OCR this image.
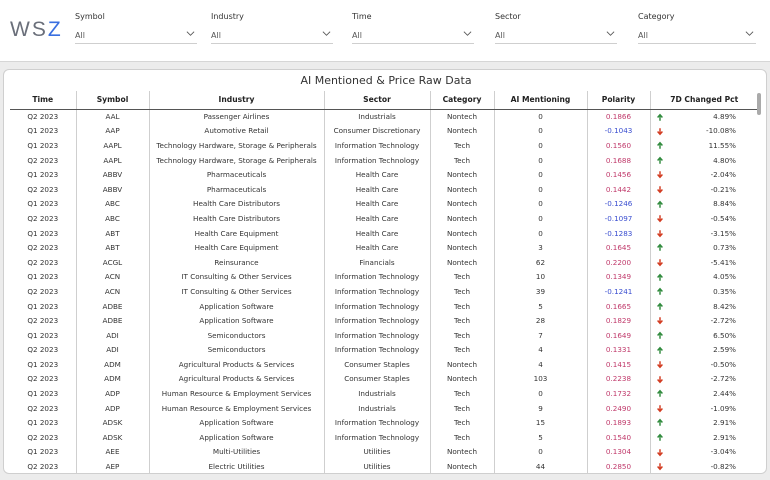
WSZ
Symbol
All
Industry
All
Time
All
Sector
All
Category
All
AI Mentioned & Price Raw Data
Time	Symbol	Industry	Sector	Category	AI Mentioning	Polarity	7D Changed Pct
Q2 2023	AAL	Passenger Airlines	Industrials	Nontech	0	0.1866	4.89%
Q1 2023	AAP	Automotive Retail	Consumer Discretionary	Nontech	0	-0.1043	-10.08%
Q1 2023	AAPL	Technology Hardware, Storage & Peripherals	Information Technology	Tech	0	0.1560	11.55%
Q2 2023	AAPL	Technology Hardware, Storage & Peripherals	Information Technology	Tech	0	0.1688	4.80%
Q1 2023	ABBV	Pharmaceuticals	Health Care	Nontech	0	0.1456	-2.04%
Q2 2023	ABBV	Pharmaceuticals	Health Care	Nontech	0	0.1442	-0.21%
Q1 2023	ABC	Health Care Distributors	Health Care	Nontech	0	-0.1246	8.84%
Q2 2023	ABC	Health Care Distributors	Health Care	Nontech	0	-0.1097	-0.54%
Q1 2023	ABT	Health Care Equipment	Health Care	Nontech	0	-0.1283	-3.15%
Q2 2023	ABT	Health Care Equipment	Health Care	Nontech	3	0.1645	0.73%
Q2 2023	ACGL	Reinsurance	Financials	Nontech	62	0.2200	-5.41%
Q1 2023	ACN	IT Consulting & Other Services	Information Technology	Tech	10	0.1349	4.05%
Q2 2023	ACN	IT Consulting & Other Services	Information Technology	Tech	39	-0.1241	0.35%
Q1 2023	ADBE	Application Software	Information Technology	Tech	5	0.1665	8.42%
Q2 2023	ADBE	Application Software	Information Technology	Tech	28	0.1829	-2.72%
Q1 2023	ADI	Semiconductors	Information Technology	Tech	7	0.1649	6.50%
Q2 2023	ADI	Semiconductors	Information Technology	Tech	4	0.1331	2.59%
Q1 2023	ADM	Agricultural Products & Services	Consumer Staples	Nontech	4	0.1415	-0.50%
Q2 2023	ADM	Agricultural Products & Services	Consumer Staples	Nontech	103	0.2238	-2.72%
Q1 2023	ADP	Human Resource & Employment Services	Industrials	Tech	0	0.1732	2.44%
Q2 2023	ADP	Human Resource & Employment Services	Industrials	Tech	9	0.2490	-1.09%
Q1 2023	ADSK	Application Software	Information Technology	Tech	15	0.1893	2.91%
Q2 2023	ADSK	Application Software	Information Technology	Tech	5	0.1540	2.91%
Q1 2023	AEE	Multi-Utilities	Utilities	Nontech	0	0.1304	-3.04%
Q2 2023	AEP	Electric Utilities	Utilities	Nontech	44	0.2850	-0.82%
